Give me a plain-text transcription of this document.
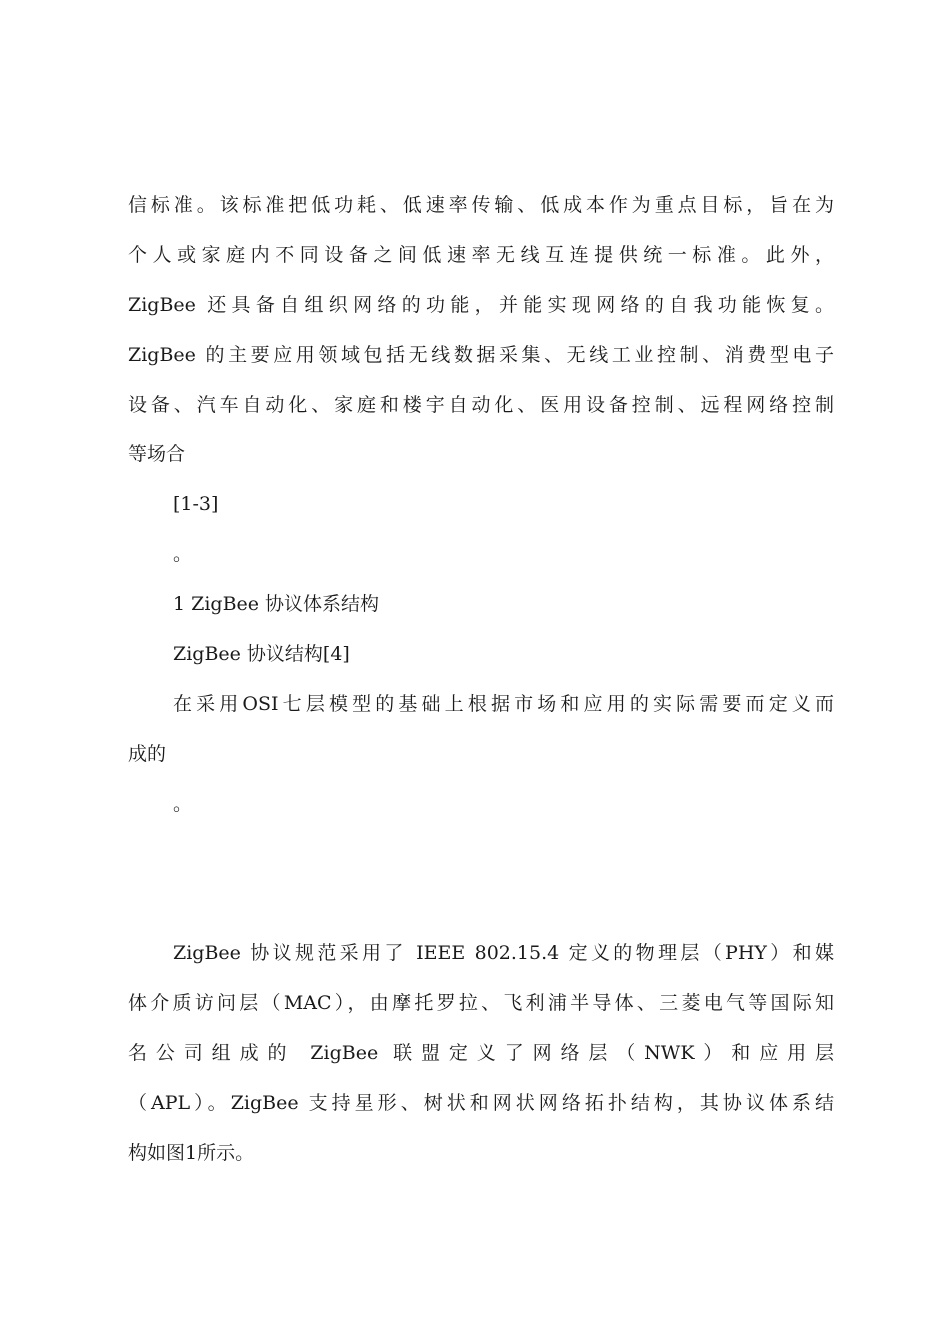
信标准。该标准把低功耗、低速率传输、低成本作为重点目标，旨在为
个人或家庭内不同设备之间低速率无线互连提供统一标准。此外，
ZigBee 还具备自组织网络的功能，并能实现网络的自我功能恢复。
ZigBee 的主要应用领域包括无线数据采集、无线工业控制、消费型电子
设备、汽车自动化、家庭和楼宇自动化、医用设备控制、远程网络控制
等场合
[1-3]
。
1 ZigBee 协议体系结构
ZigBee 协议结构[4]
在采用OSI七层模型的基础上根据市场和应用的实际需要而定义而
成的
。
ZigBee 协议规范采用了 IEEE 802.15.4 定义的物理层（PHY）和媒
体介质访问层（MAC），由摩托罗拉、飞利浦半导体、三菱电气等国际知
名公司组成的 ZigBee 联盟定义了网络层（NWK）和应用层
（APL）。ZigBee 支持星形、树状和网状网络拓扑结构，其协议体系结
构如图1所示。
